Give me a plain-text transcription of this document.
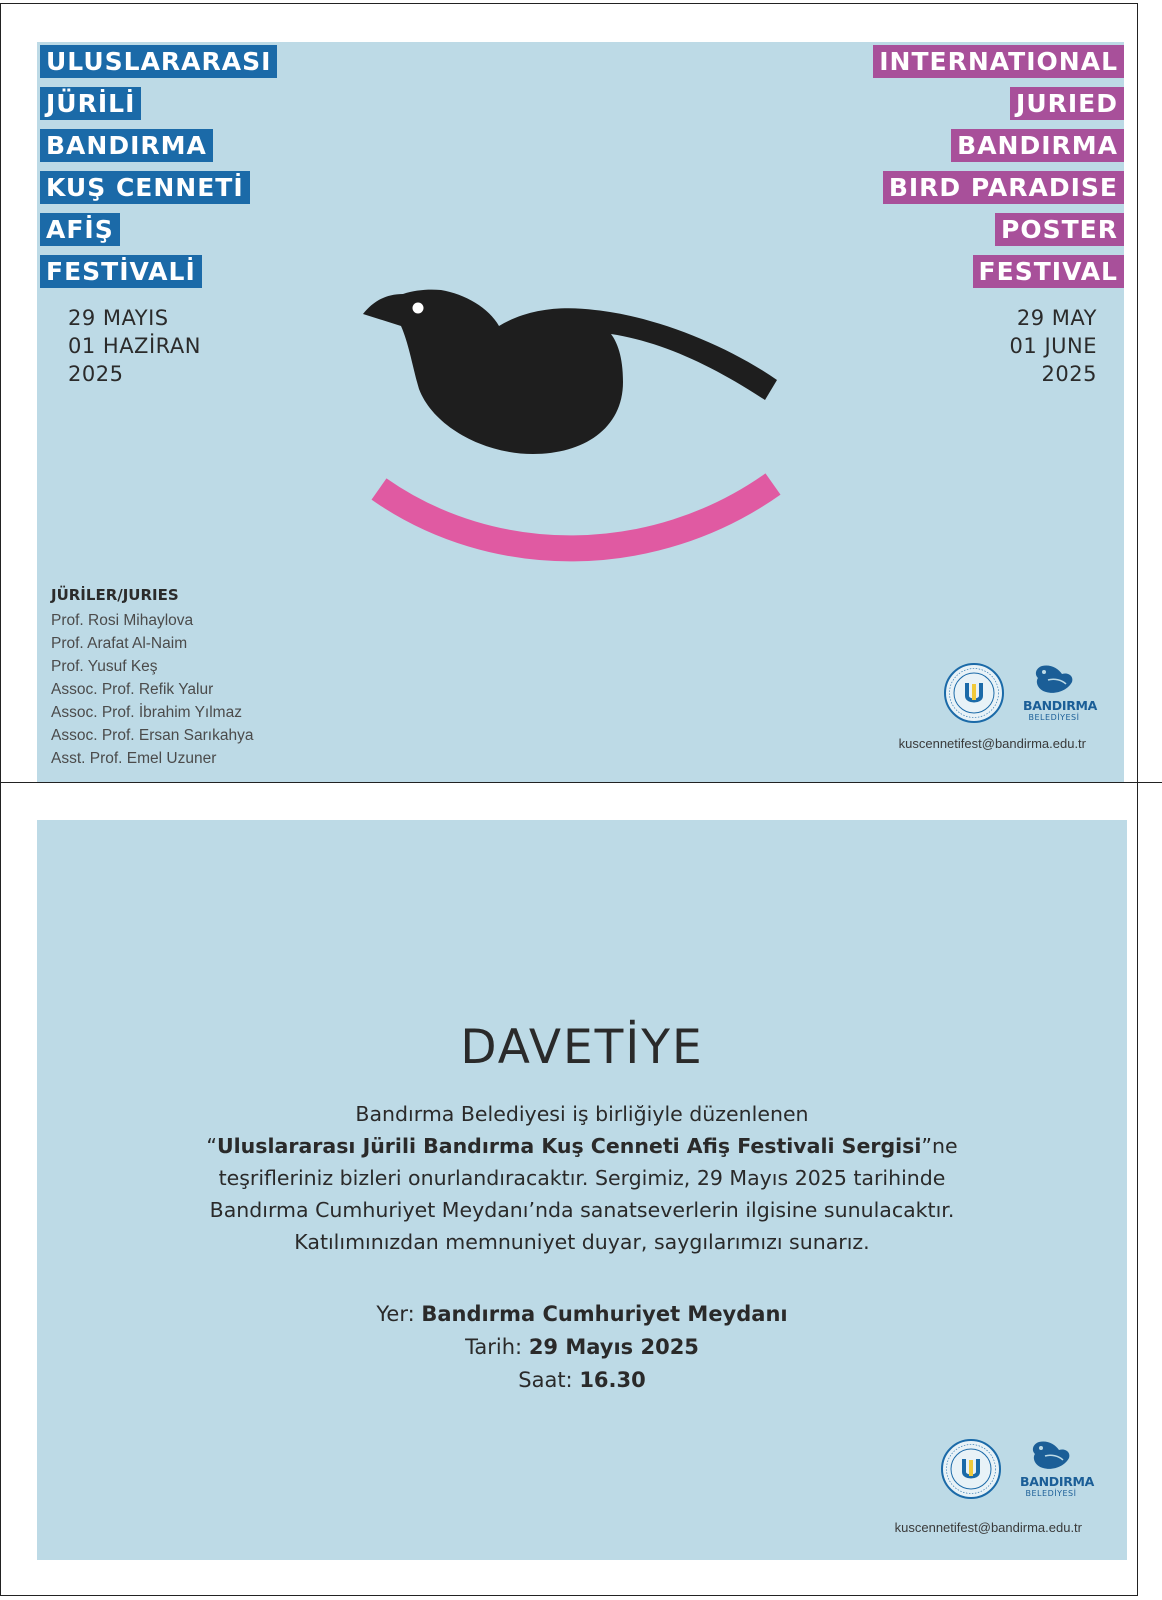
ULUSLARARASI
JÜRİLİ
BANDIRMA
KUŞ CENNETİ
AFİŞ
FESTİVALİ
INTERNATIONAL
JURIED
BANDIRMA
BIRD PARADISE
POSTER
FESTIVAL
29 MAYIS
01 HAZİRAN
2025
29 MAY
01 JUNE
2025
JÜRİLER/JURIES
Prof. Rosi Mihaylova
Prof. Arafat Al-Naim
Prof. Yusuf Keş
Assoc. Prof. Refik Yalur
Assoc. Prof. İbrahim Yılmaz
Assoc. Prof. Ersan Sarıkahya
Asst. Prof. Emel Uzuner
BANDIRMA
BELEDİYESİ
kuscennetifest@bandirma.edu.tr
DAVETİYE
Bandırma Belediyesi iş birliğiyle düzenlenen
“Uluslararası Jürili Bandırma Kuş Cenneti Afiş Festivali Sergisi”ne
teşrifleriniz bizleri onurlandıracaktır. Sergimiz, 29 Mayıs 2025 tarihinde
Bandırma Cumhuriyet Meydanı’nda sanatseverlerin ilgisine sunulacaktır.
Katılımınızdan memnuniyet duyar, saygılarımızı sunarız.
Yer: Bandırma Cumhuriyet Meydanı
Tarih: 29 Mayıs 2025
Saat: 16.30
BANDIRMA
BELEDİYESİ
kuscennetifest@bandirma.edu.tr
